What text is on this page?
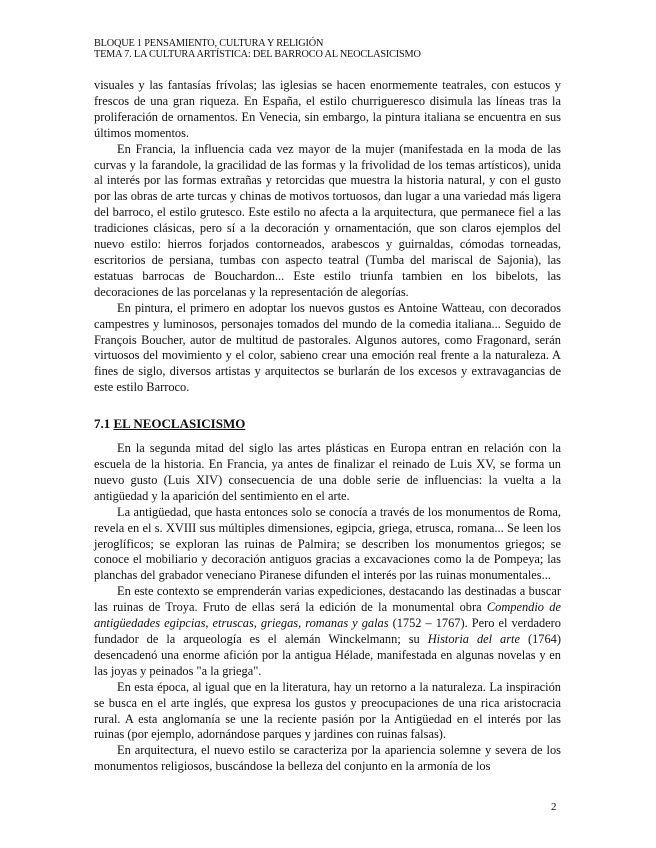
BLOQUE 1 PENSAMIENTO, CULTURA Y RELIGIÓN
TEMA 7. LA CULTURA ARTÍSTICA: DEL BARROCO AL NEOCLASICISMO

visuales y las fantasías frívolas; las iglesias se hacen enormemente teatrales, con estucos y frescos de una gran riqueza. En España, el estilo churrigueresco disimula las líneas tras la proliferación de ornamentos. En Venecia, sin embargo, la pintura italiana se encuentra en sus últimos momentos.

En Francia, la influencia cada vez mayor de la mujer (manifestada en la moda de las curvas y la farandole, la gracilidad de las formas y la frivolidad de los temas artísticos), unida al interés por las formas extrañas y retorcidas que muestra la historia natural, y con el gusto por las obras de arte turcas y chinas de motivos tortuosos, dan lugar a una variedad más ligera del barroco, el estilo grutesco. Este estilo no afecta a la arquitectura, que permanece fiel a las tradiciones clásicas, pero sí a la decoración y ornamentación, que son claros ejemplos del nuevo estilo: hierros forjados contorneados, arabescos y guirnaldas, cómodas torneadas, escritorios de persiana, tumbas con aspecto teatral (Tumba del mariscal de Sajonia), las estatuas barrocas de Bouchardon... Este estilo triunfa tambien en los bibelots, las decoraciones de las porcelanas y la representación de alegorías.

En pintura, el primero en adoptar los nuevos gustos es Antoine Watteau, con decorados campestres y luminosos, personajes tomados del mundo de la comedia italiana... Seguido de François Boucher, autor de multitud de pastorales. Algunos autores, como Fragonard, serán virtuosos del movimiento y el color, sabieno crear una emoción real frente a la naturaleza. A fines de siglo, diversos artistas y arquitectos se burlarán de los excesos y extravagancias de este estilo Barroco.

7.1 EL NEOCLASICISMO

En la segunda mitad del siglo las artes plásticas en Europa entran en relación con la escuela de la historia. En Francia, ya antes de finalizar el reinado de Luis XV, se forma un nuevo gusto (Luis XIV) consecuencia de una doble serie de influencias: la vuelta a la antigüedad y la aparición del sentimiento en el arte.

La antigüedad, que hasta entonces solo se conocía a través de los monumentos de Roma, revela en el s. XVIII sus múltiples dimensiones, egipcia, griega, etrusca, romana... Se leen los jeroglíficos; se exploran las ruinas de Palmira; se describen los monumentos griegos; se conoce el mobiliario y decoración antiguos gracias a excavaciones como la de Pompeya; las planchas del grabador veneciano Piranese difunden el interés por las ruinas monumentales...

En este contexto se emprenderán varias expediciones, destacando las destinadas a buscar las ruinas de Troya. Fruto de ellas será la edición de la monumental obra Compendio de antigüedades egipcias, etruscas, griegas, romanas y galas (1752 – 1767). Pero el verdadero fundador de la arqueología es el alemán Winckelmann; su Historia del arte (1764) desencadenó una enorme afición por la antigua Hélade, manifestada en algunas novelas y en las joyas y peinados "a la griega".

En esta época, al igual que en la literatura, hay un retorno a la naturaleza. La inspiración se busca en el arte inglés, que expresa los gustos y preocupaciones de una rica aristocracia rural. A esta anglomanía se une la reciente pasión por la Antigüedad en el interés por las ruinas (por ejemplo, adornándose parques y jardines con ruinas falsas).

En arquitectura, el nuevo estilo se caracteriza por la apariencia solemne y severa de los monumentos religiosos, buscándose la belleza del conjunto en la armonía de los

2
